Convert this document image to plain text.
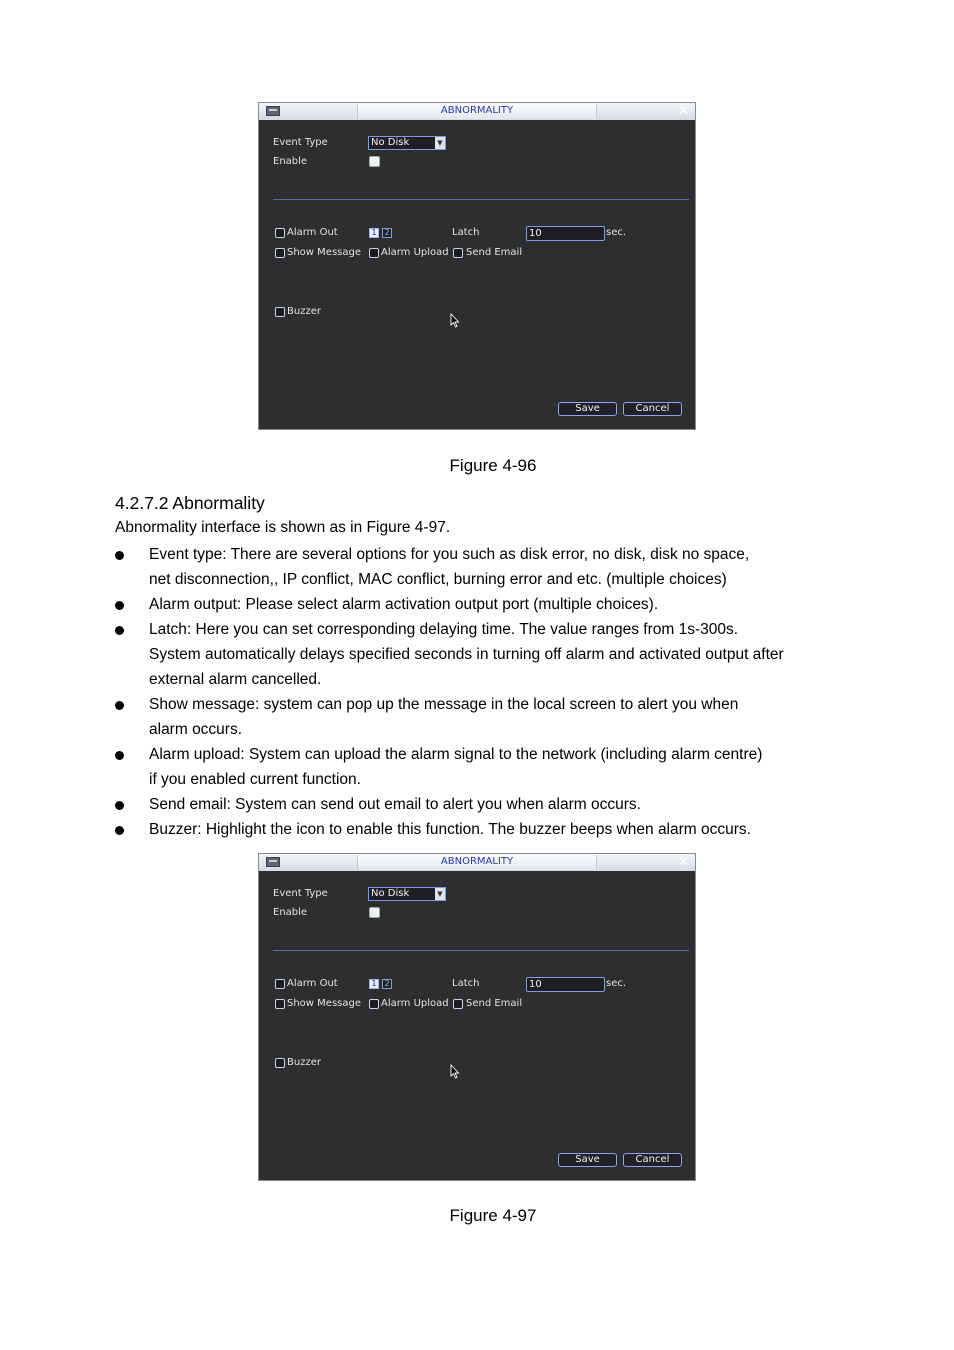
ABNORMALITY	✕
Event Type	No Disk	▼
Enable
Alarm Out	1 2	Latch	10	sec.
Show Message Alarm Upload Send Email
Buzzer
Save	Cancel
Figure 4-96
4.2.7.2 Abnormality
Abnormality interface is shown as in Figure 4-97.
Event type: There are several options for you such as disk error, no disk, disk no space,
net disconnection,, IP conflict, MAC conflict, burning error and etc. (multiple choices)
Alarm output: Please select alarm activation output port (multiple choices).
Latch: Here you can set corresponding delaying time. The value ranges from 1s-300s.
System automatically delays specified seconds in turning off alarm and activated output after
external alarm cancelled.
Show message: system can pop up the message in the local screen to alert you when
alarm occurs.
Alarm upload: System can upload the alarm signal to the network (including alarm centre)
if you enabled current function.
Send email: System can send out email to alert you when alarm occurs.
Buzzer: Highlight the icon to enable this function. The buzzer beeps when alarm occurs.
ABNORMALITY	✕
Event Type	No Disk	▼
Enable
Alarm Out	1 2	Latch	10	sec.
Show Message Alarm Upload Send Email
Buzzer
Save	Cancel
Figure 4-97
